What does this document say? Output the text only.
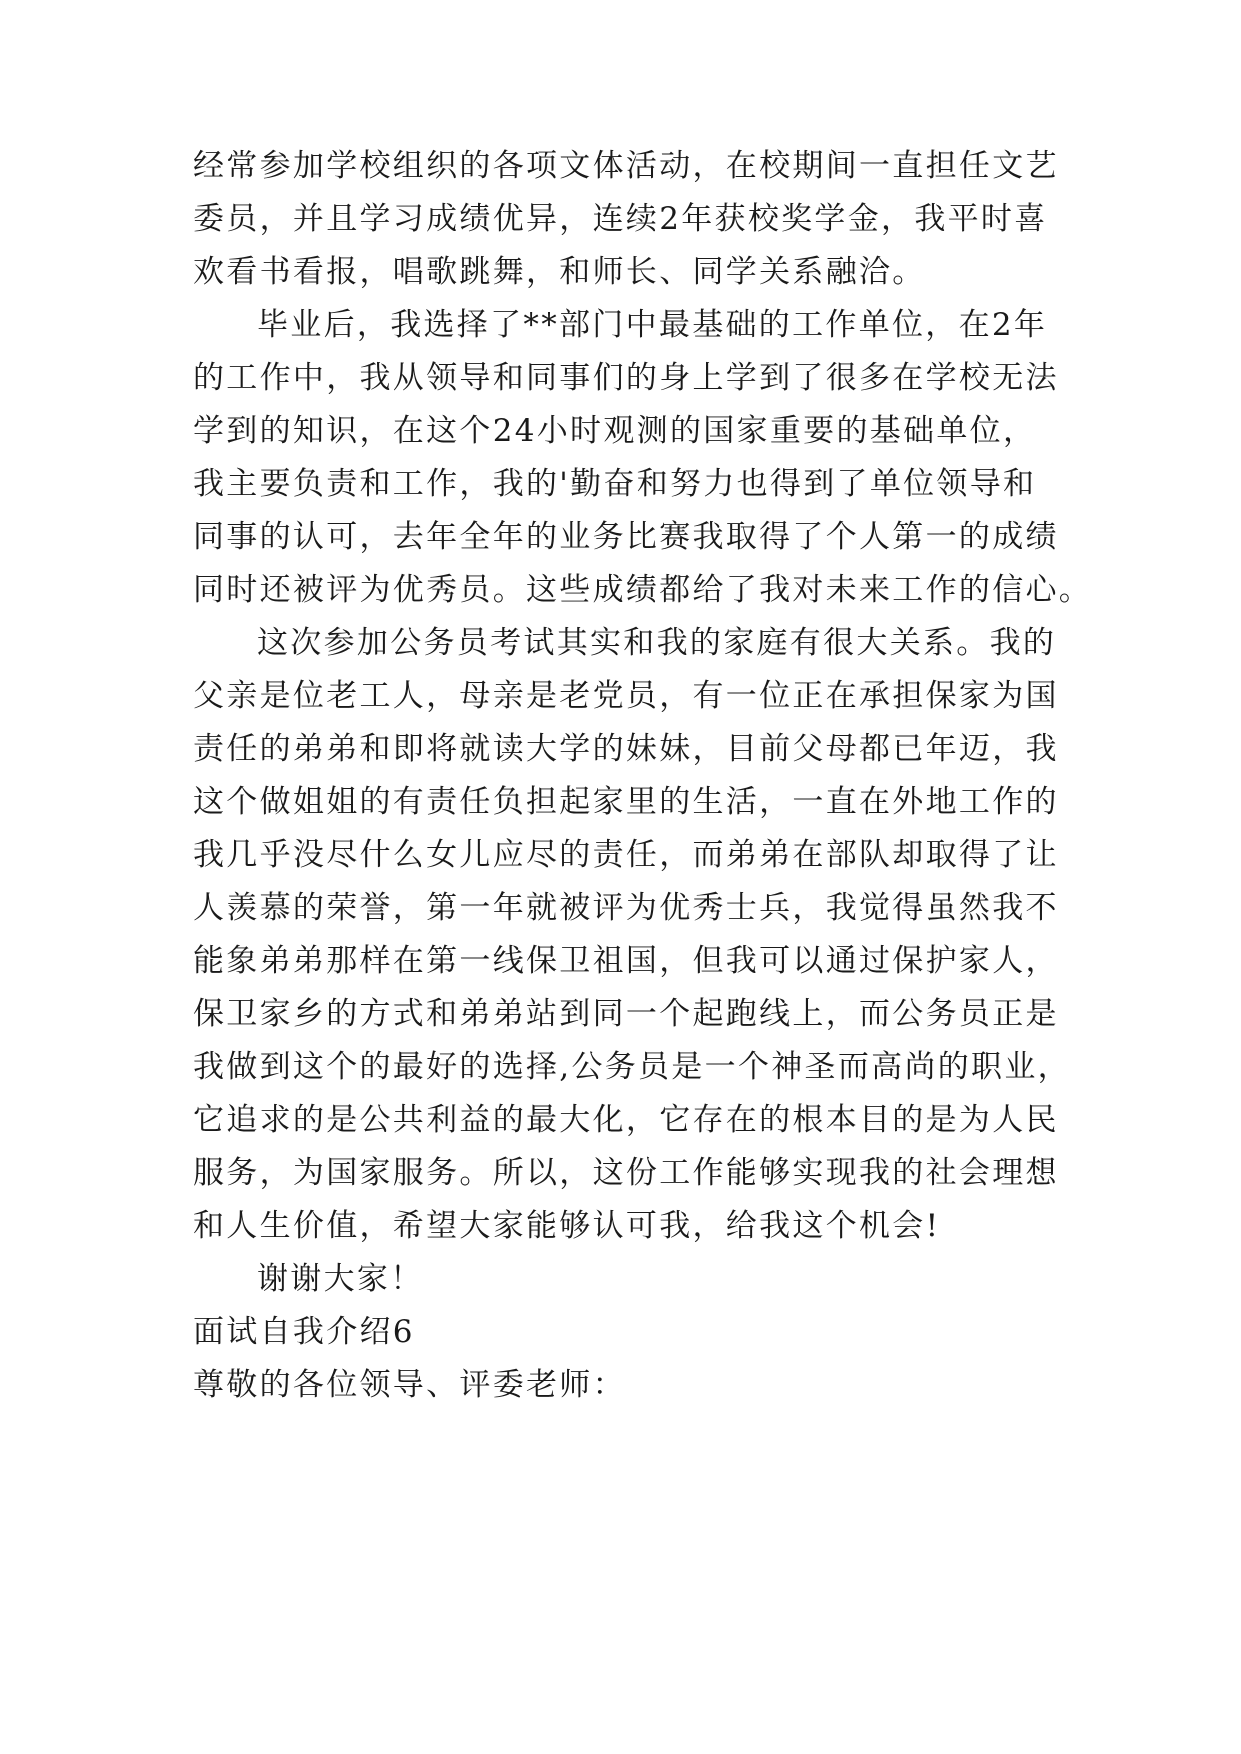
经常参加学校组织的各项文体活动，在校期间一直担任文艺
委员，并且学习成绩优异，连续2年获校奖学金，我平时喜
欢看书看报，唱歌跳舞，和师长、同学关系融洽。
毕业后，我选择了**部门中最基础的工作单位，在2年
的工作中，我从领导和同事们的身上学到了很多在学校无法
学到的知识，在这个24小时观测的国家重要的基础单位，
我主要负责和工作，我的'勤奋和努力也得到了单位领导和
同事的认可，去年全年的业务比赛我取得了个人第一的成绩
同时还被评为优秀员。这些成绩都给了我对未来工作的信心。
这次参加公务员考试其实和我的家庭有很大关系。我的
父亲是位老工人，母亲是老党员，有一位正在承担保家为国
责任的弟弟和即将就读大学的妹妹，目前父母都已年迈，我
这个做姐姐的有责任负担起家里的生活，一直在外地工作的
我几乎没尽什么女儿应尽的责任，而弟弟在部队却取得了让
人羡慕的荣誉，第一年就被评为优秀士兵，我觉得虽然我不
能象弟弟那样在第一线保卫祖国，但我可以通过保护家人，
保卫家乡的方式和弟弟站到同一个起跑线上，而公务员正是
我做到这个的最好的选择,公务员是一个神圣而高尚的职业，
它追求的是公共利益的最大化，它存在的根本目的是为人民
服务，为国家服务。所以，这份工作能够实现我的社会理想
和人生价值，希望大家能够认可我，给我这个机会!
谢谢大家！
面试自我介绍6
尊敬的各位领导、评委老师：
